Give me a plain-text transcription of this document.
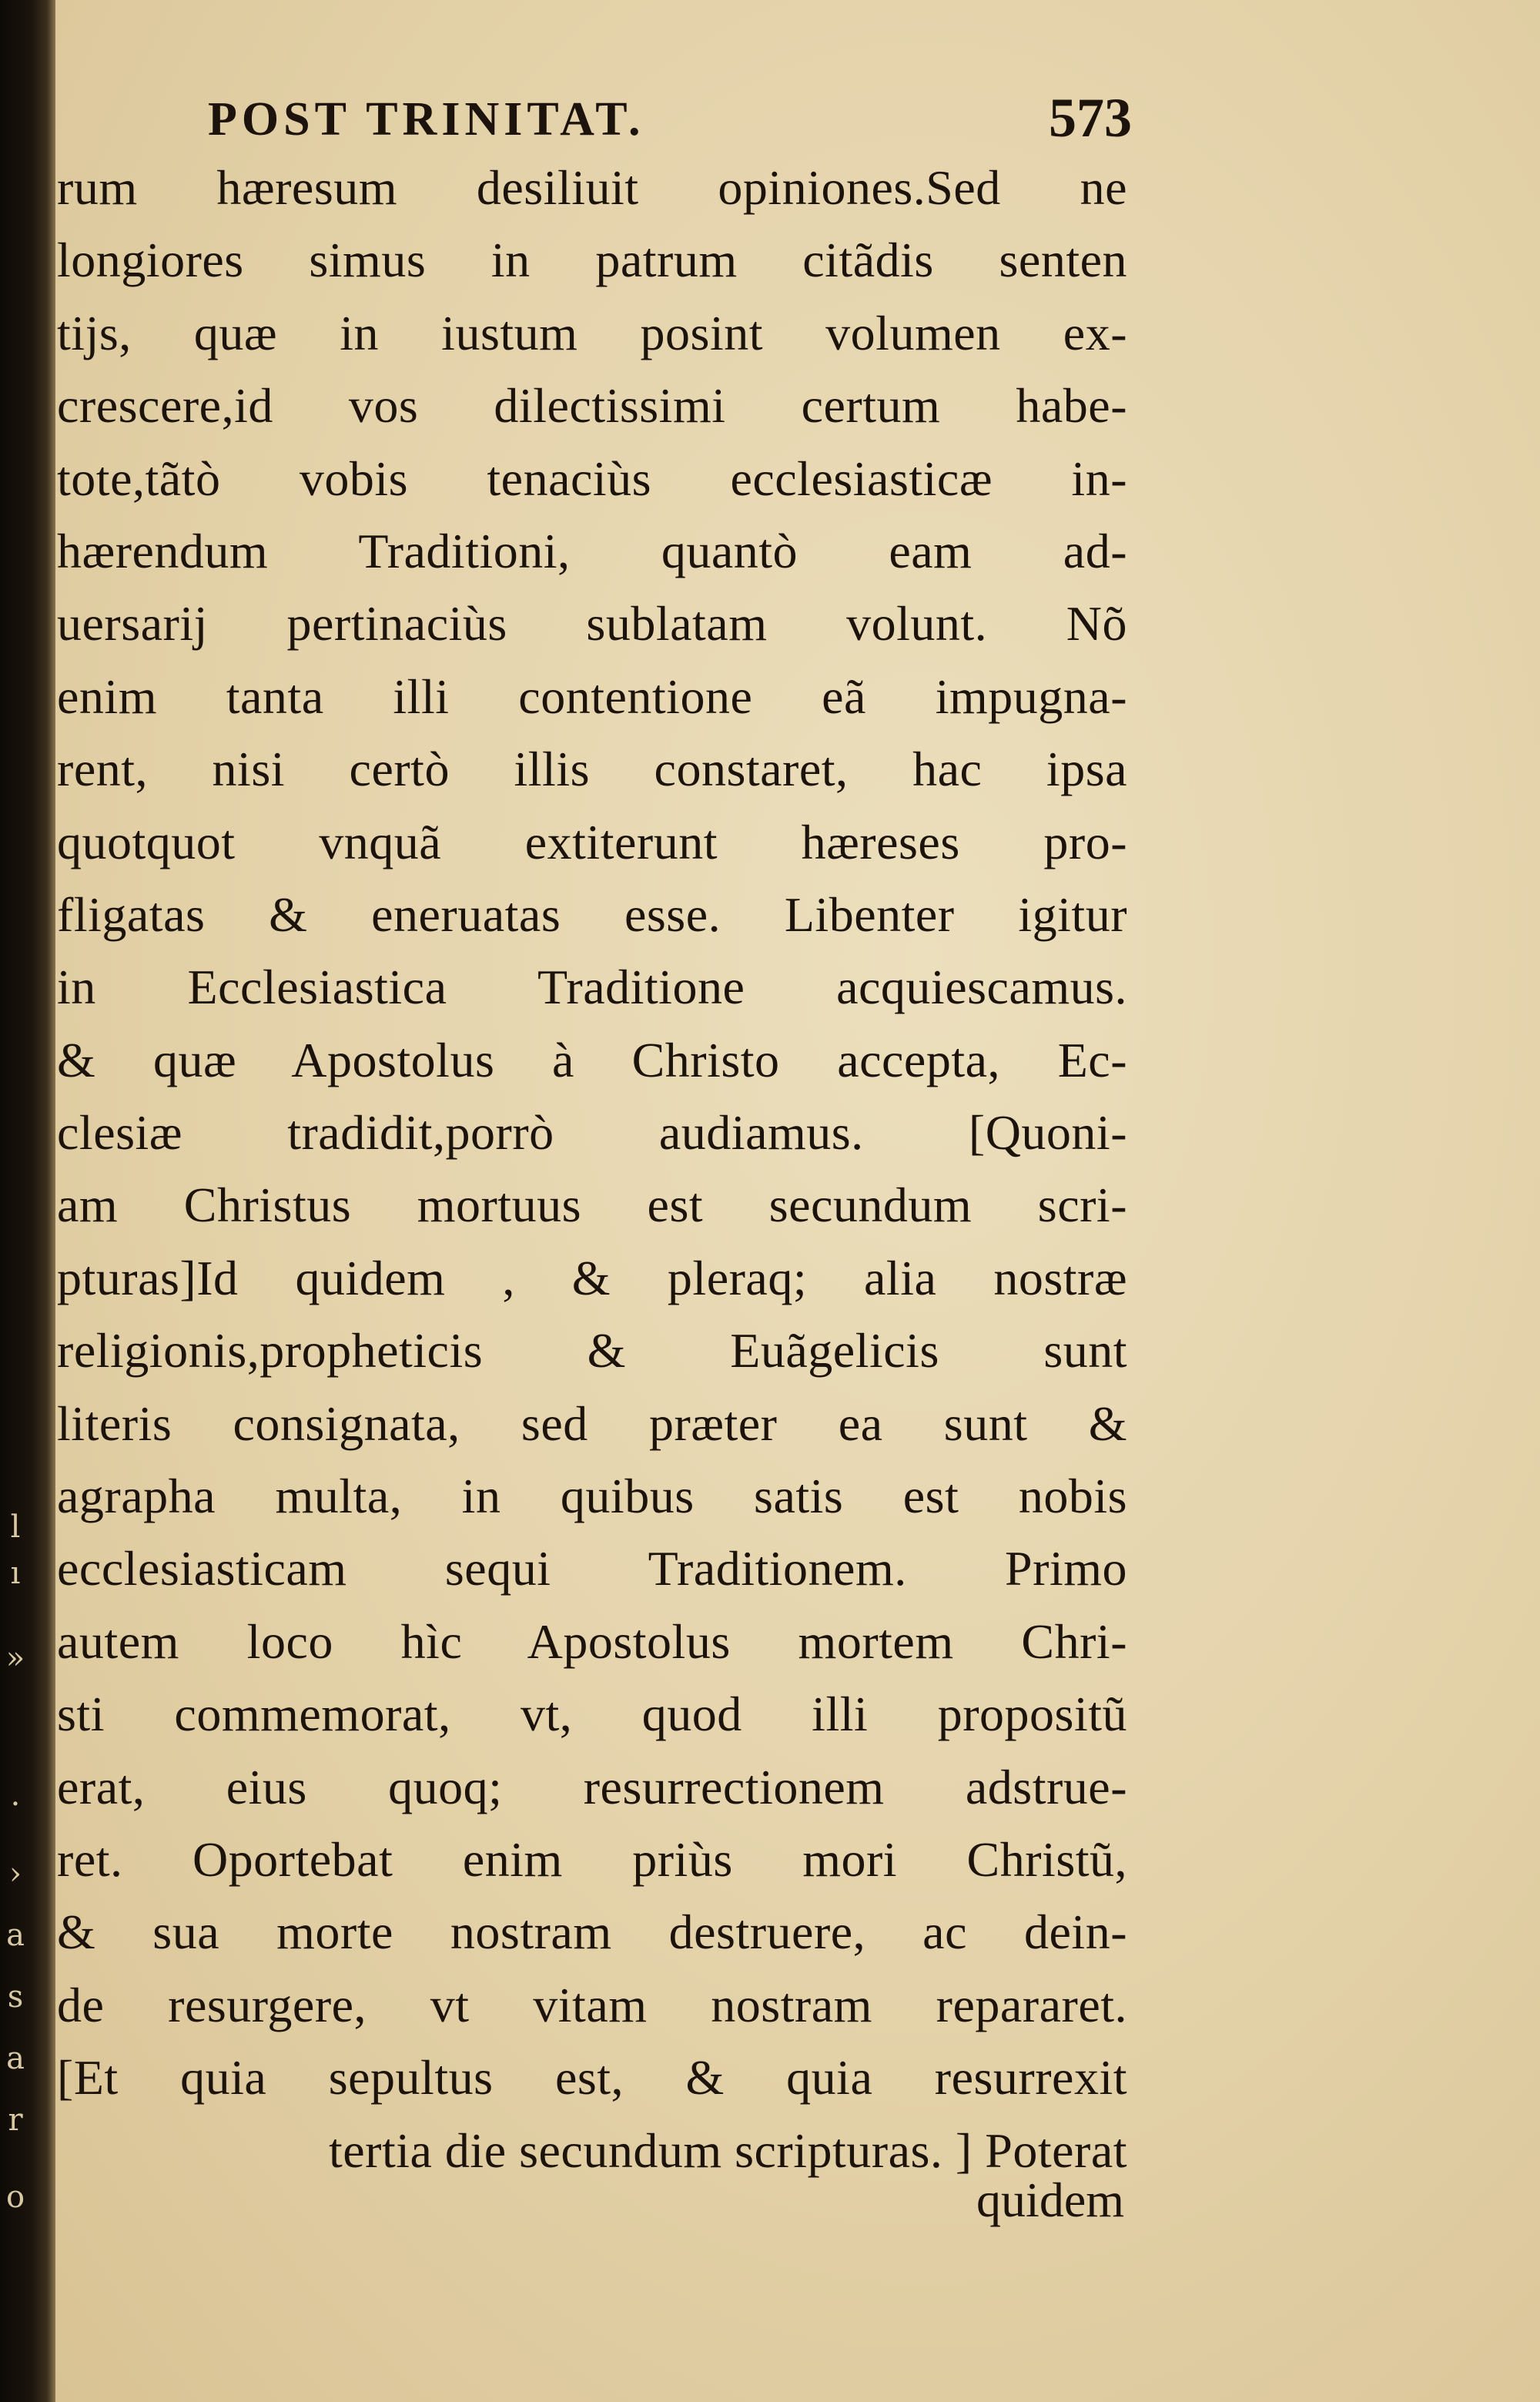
l
ı
»
·
›
a
s
a
r
o
POST TRINITAT.	573
rum hæresum desiliuit opiniones.Sed ne
longiores simus in patrum citãdis senten
tijs, quæ in iustum posint volumen ex-
crescere,id vos dilectissimi certum habe-
tote,tãtò vobis tenaciùs ecclesiasticæ in-
hærendum Traditioni, quantò eam ad-
uersarij pertinaciùs sublatam volunt. Nõ
enim tanta illi contentione eã impugna-
rent, nisi certò illis constaret, hac ipsa
quotquot vnquã extiterunt hæreses pro-
fligatas & eneruatas esse. Libenter igitur
in Ecclesiastica Traditione acquiescamus.
& quæ Apostolus à Christo accepta, Ec-
clesiæ tradidit,porrò audiamus. [Quoni-
am Christus mortuus est secundum scri-
pturas]Id quidem , & pleraq; alia nostræ
religionis,propheticis & Euãgelicis sunt
literis consignata, sed præter ea sunt &
agrapha multa, in quibus satis est nobis
ecclesiasticam sequi Traditionem. Primo
autem loco hìc Apostolus mortem Chri-
sti commemorat, vt, quod illi propositũ
erat, eius quoq; resurrectionem adstrue-
ret. Oportebat enim priùs mori Christũ,
& sua morte nostram destruere, ac dein-
de resurgere, vt vitam nostram repararet.
[Et quia sepultus est, & quia resurrexit
tertia die secundum scripturas. ] Poterat
quidem
